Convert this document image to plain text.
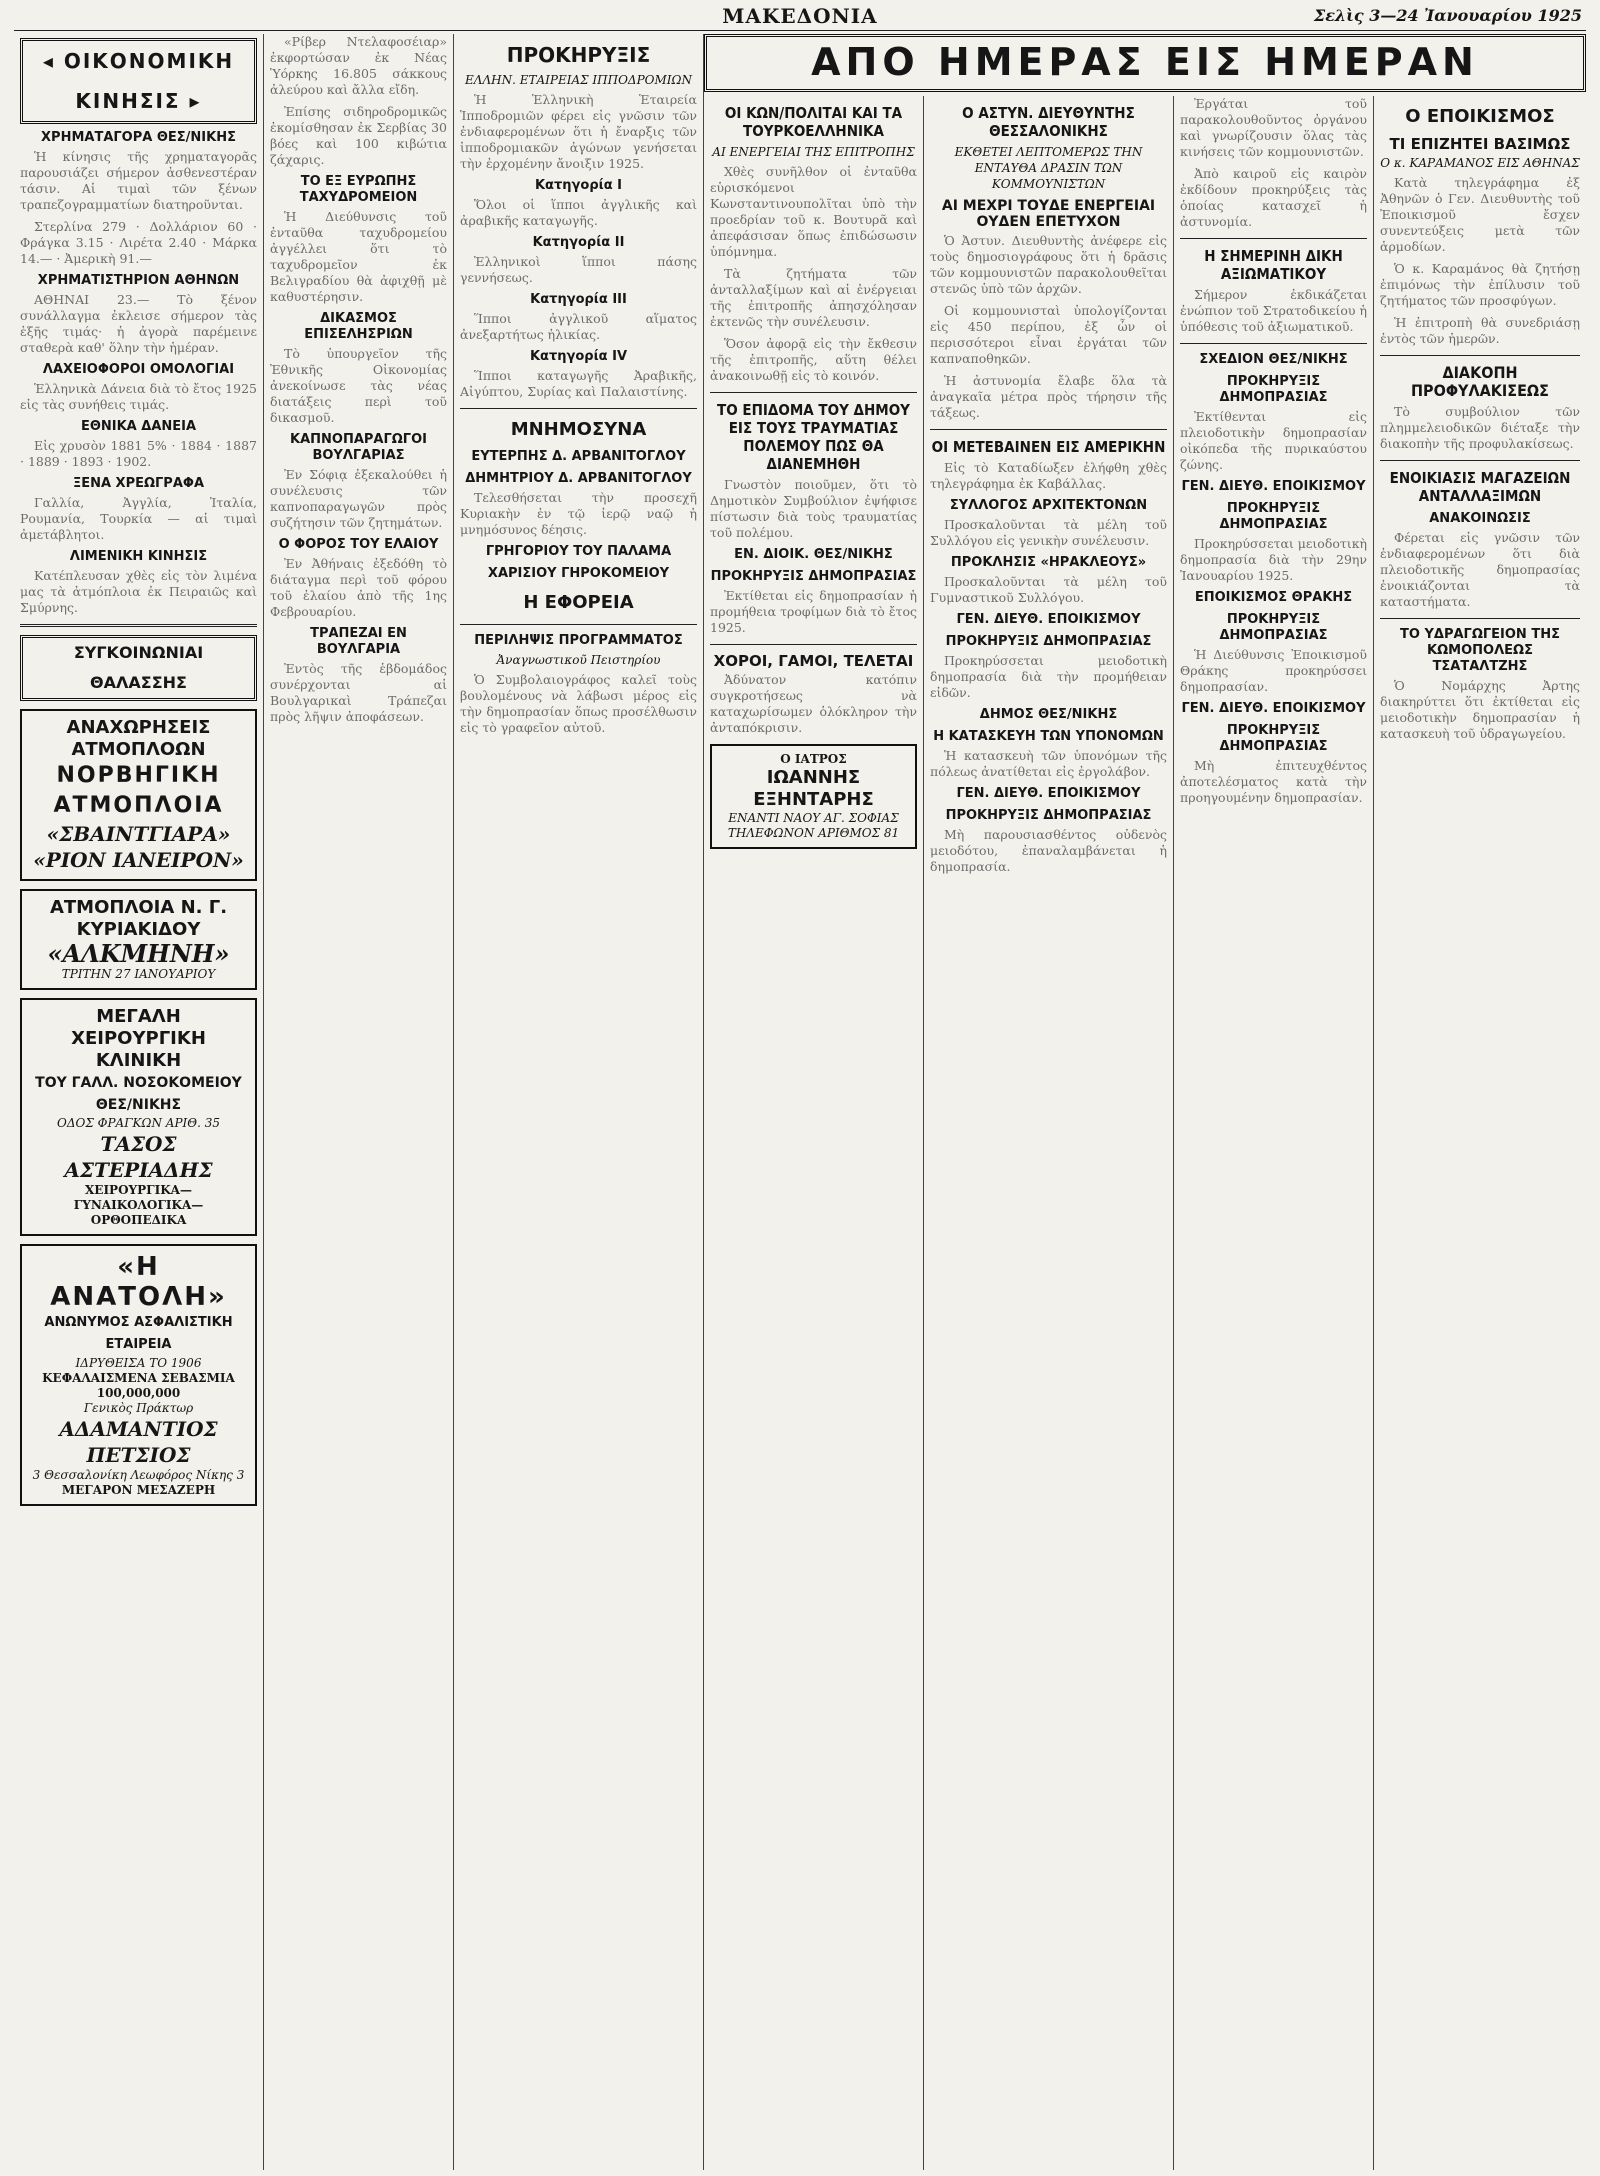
ΜΑΚΕΔΟΝΙΑ	Σελὶς 3—24 Ἰανουαρίου 1925
◂ ΟΙΚΟΝΟΜΙΚΗ ΚΙΝΗΣΙΣ ▸
ΧΡΗΜΑΤΑΓΟΡΑ ΘΕΣ/ΝΙΚΗΣ

Ἡ κίνησις τῆς χρηματαγορᾶς παρουσιάζει σήμερον ἀσθενεστέραν τάσιν. Αἱ τιμαὶ τῶν ξένων τραπεζογραμματίων διατηροῦνται.

Στερλίνα 279 · Δολλάριον 60 · Φράγκα 3.15 · Λιρέτα 2.40 · Μάρκα 14.— · Ἀμερικὴ 91.—

ΧΡΗΜΑΤΙΣΤΗΡΙΟΝ ΑΘΗΝΩΝ

ΑΘΗΝΑΙ 23.— Τὸ ξένον συνάλλαγμα ἐκλεισε σήμερον τὰς ἑξῆς τιμάς· ἡ ἀγορὰ παρέμεινε σταθερὰ καθ' ὅλην τὴν ἡμέραν.

ΛΑΧΕΙΟΦΟΡΟΙ ΟΜΟΛΟΓΙΑΙ

Ἑλληνικὰ Δάνεια διὰ τὸ ἔτος 1925 εἰς τὰς συνήθεις τιμάς.

ΕΘΝΙΚΑ ΔΑΝΕΙΑ

Εἰς χρυσὸν 1881 5% · 1884 · 1887 · 1889 · 1893 · 1902.

ΞΕΝΑ ΧΡΕΩΓΡΑΦΑ

Γαλλία, Ἀγγλία, Ἰταλία, Ρουμανία, Τουρκία — αἱ τιμαὶ ἀμετάβλητοι.

ΛΙΜΕΝΙΚΗ ΚΙΝΗΣΙΣ

Κατέπλευσαν χθὲς εἰς τὸν λιμένα μας τὰ ἀτμόπλοια ἐκ Πειραιῶς καὶ Σμύρνης.

ΣΥΓΚΟΙΝΩΝΙΑΙ ΘΑΛΑΣΣΗΣ
ΑΝΑΧΩΡΗΣΕΙΣ ΑΤΜΟΠΛΟΩΝ
ΝΟΡΒΗΓΙΚΗ ΑΤΜΟΠΛΟΙΑ
«ΣΒΑΙΝΤΓΙΑΡΑ»
«ΡΙΟΝ ΙΑΝΕΙΡΟΝ»
ΑΤΜΟΠΛΟΙΑ Ν. Γ. ΚΥΡΙΑΚΙΔΟΥ
«ΑΛΚΜΗΝΗ»
ΤΡΙΤΗΝ 27 ΙΑΝΟΥΑΡΙΟΥ
ΜΕΓΑΛΗ ΧΕΙΡΟΥΡΓΙΚΗ ΚΛΙΝΙΚΗ
ΤΟΥ ΓΑΛΛ. ΝΟΣΟΚΟΜΕΙΟΥ ΘΕΣ/ΝΙΚΗΣ
ΟΔΟΣ ΦΡΑΓΚΩΝ ΑΡΙΘ. 35
ΤΑΣΟΣ ΑΣΤΕΡΙΑΔΗΣ
ΧΕΙΡΟΥΡΓΙΚΑ—ΓΥΝΑΙΚΟΛΟΓΙΚΑ—ΟΡΘΟΠΕΔΙΚΑ
«Η ΑΝΑΤΟΛΗ»
ΑΝΩΝΥΜΟΣ ΑΣΦΑΛΙΣΤΙΚΗ ΕΤΑΙΡΕΙΑ
ΙΔΡΥΘΕΙΣΑ ΤΟ 1906
ΚΕΦΑΛΑΙΣΜΕΝΑ ΣΕΒΑΣΜΙΑ 100,000,000
Γενικὸς Πράκτωρ
ΑΔΑΜΑΝΤΙΟΣ ΠΕΤΣΙΟΣ
3 Θεσσαλονίκη Λεωφόρος Νίκης 3
ΜΕΓΑΡΟΝ ΜΕΣΑΖΕΡΗ

«Ρίβερ Ντελαφοσέιαρ» ἐκφορτώσαν ἐκ Νέας Ὑόρκης 16.805 σάκκους ἀλεύρου καὶ ἄλλα εἴδη.

Ἐπίσης σιδηροδρομικῶς ἐκομίσθησαν ἐκ Σερβίας 30 βόες καὶ 100 κιβώτια ζάχαρις.

ΤΟ ΕΞ ΕΥΡΩΠΗΣ ΤΑΧΥΔΡΟΜΕΙΟΝ

Ἡ Διεύθυνσις τοῦ ἐνταῦθα ταχυδρομείου ἀγγέλλει ὅτι τὸ ταχυδρομεῖον ἐκ Βελιγραδίου θὰ ἀφιχθῇ μὲ καθυστέρησιν.

ΔΙΚΑΣΜΟΣ ΕΠΙΣΕΛΗΣΡΙΩΝ

Τὸ ὑπουργεῖον τῆς Ἐθνικῆς Οἰκονομίας ἀνεκοίνωσε τὰς νέας διατάξεις περὶ τοῦ δικασμοῦ.

ΚΑΠΝΟΠΑΡΑΓΩΓΟΙ ΒΟΥΛΓΑΡΙΑΣ

Ἐν Σόφιᾳ ἐξεκαλούθει ἡ συνέλευσις τῶν καπνοπαραγωγῶν πρὸς συζήτησιν τῶν ζητημάτων.

Ο ΦΟΡΟΣ ΤΟΥ ΕΛΑΙΟΥ

Ἐν Ἀθήναις ἐξεδόθη τὸ διάταγμα περὶ τοῦ φόρου τοῦ ἐλαίου ἀπὸ τῆς 1ης Φεβρουαρίου.

ΤΡΑΠΕΖΑΙ ΕΝ ΒΟΥΛΓΑΡΙΑ

Ἐντὸς τῆς ἑβδομάδος συνέρχονται αἱ Βουλγαρικαὶ Τράπεζαι πρὸς λῆψιν ἀποφάσεων.

ΠΡΟΚΗΡΥΞΙΣ
ΕΛΛΗΝ. ΕΤΑΙΡΕΙΑΣ ΙΠΠΟΔΡΟΜΙΩΝ

Ἡ Ἑλληνικὴ Ἑταιρεία Ἱπποδρομιῶν φέρει εἰς γνῶσιν τῶν ἐνδιαφερομένων ὅτι ἡ ἔναρξις τῶν ἱπποδρομιακῶν ἀγώνων γενήσεται τὴν ἐρχομένην ἄνοιξιν 1925.

Κατηγορία I

Ὅλοι οἱ ἵπποι ἀγγλικῆς καὶ ἀραβικῆς καταγωγῆς.

Κατηγορία II

Ἑλληνικοὶ ἵπποι πάσης γεννήσεως.

Κατηγορία III

Ἵπποι ἀγγλικοῦ αἵματος ἀνεξαρτήτως ἡλικίας.

Κατηγορία IV

Ἵπποι καταγωγῆς Ἀραβικῆς, Αἰγύπτου, Συρίας καὶ Παλαιστίνης.

ΜΝΗΜΟΣΥΝΑ
ΕΥΤΕΡΠΗΣ Δ. ΑΡΒΑΝΙΤΟΓΛΟΥ
ΔΗΜΗΤΡΙΟΥ Δ. ΑΡΒΑΝΙΤΟΓΛΟΥ

Τελεσθήσεται τὴν προσεχῆ Κυριακὴν ἐν τῷ ἱερῷ ναῷ ἡ μνημόσυνος δέησις.

ΓΡΗΓΟΡΙΟΥ ΤΟΥ ΠΑΛΑΜΑ
ΧΑΡΙΣΙΟΥ ΓΗΡΟΚΟΜΕΙΟΥ
Η ΕΦΟΡΕΙΑ
ΠΕΡΙΛΗΨΙΣ ΠΡΟΓΡΑΜΜΑΤΟΣ
Ἀναγνωστικοῦ Πειστηρίου

Ὁ Συμβολαιογράφος καλεῖ τοὺς βουλομένους νὰ λάβωσι μέρος εἰς τὴν δημοπρασίαν ὅπως προσέλθωσιν εἰς τὸ γραφεῖον αὐτοῦ.

ΑΠΟ ΗΜΕΡΑΣ ΕΙΣ ΗΜΕΡΑΝ
ΟΙ ΚΩΝ/ΠΟΛΙΤΑΙ ΚΑΙ ΤΑ ΤΟΥΡΚΟΕΛΛΗΝΙΚΑ
ΑΙ ΕΝΕΡΓΕΙΑΙ ΤΗΣ ΕΠΙΤΡΟΠΗΣ

Χθὲς συνῆλθον οἱ ἐνταῦθα εὑρισκόμενοι Κωνσταντινουπολῖται ὑπὸ τὴν προεδρίαν τοῦ κ. Βουτυρᾶ καὶ ἀπεφάσισαν ὅπως ἐπιδώσωσιν ὑπόμνημα.

Τὰ ζητήματα τῶν ἀνταλλαξίμων καὶ αἱ ἐνέργειαι τῆς ἐπιτροπῆς ἀπησχόλησαν ἐκτενῶς τὴν συνέλευσιν.

Ὅσον ἀφορᾷ εἰς τὴν ἔκθεσιν τῆς ἐπιτροπῆς, αὕτη θέλει ἀνακοινωθῇ εἰς τὸ κοινόν.

ΤΟ ΕΠΙΔΟΜΑ ΤΟΥ ΔΗΜΟΥ ΕΙΣ ΤΟΥΣ ΤΡΑΥΜΑΤΙΑΣ ΠΟΛΕΜΟΥ ΠΩΣ ΘΑ ΔΙΑΝΕΜΗΘΗ

Γνωστὸν ποιοῦμεν, ὅτι τὸ Δημοτικὸν Συμβούλιον ἐψήφισε πίστωσιν διὰ τοὺς τραυματίας τοῦ πολέμου.

ΕΝ. ΔΙΟΙΚ. ΘΕΣ/ΝΙΚΗΣ
ΠΡΟΚΗΡΥΞΙΣ ΔΗΜΟΠΡΑΣΙΑΣ

Ἐκτίθεται εἰς δημοπρασίαν ἡ προμήθεια τροφίμων διὰ τὸ ἔτος 1925.

ΧΟΡΟΙ, ΓΑΜΟΙ, ΤΕΛΕΤΑΙ

Ἀδύνατον κατόπιν συγκροτήσεως νὰ καταχωρίσωμεν ὁλόκληρον τὴν ἀνταπόκρισιν.

Ο ΙΑΤΡΟΣ
ΙΩΑΝΝΗΣ ΕΞΗΝΤΑΡΗΣ
ΕΝΑΝΤΙ ΝΑΟΥ ΑΓ. ΣΟΦΙΑΣ
ΤΗΛΕΦΩΝΟΝ ΑΡΙΘΜΟΣ 81
Ο ΑΣΤΥΝ. ΔΙΕΥΘΥΝΤΗΣ ΘΕΣΣΑΛΟΝΙΚΗΣ
ΕΚΘΕΤΕΙ ΛΕΠΤΟΜΕΡΩΣ ΤΗΝ ΕΝΤΑΥΘΑ ΔΡΑΣΙΝ ΤΩΝ ΚΟΜΜΟΥΝΙΣΤΩΝ
ΑΙ ΜΕΧΡΙ ΤΟΥΔΕ ΕΝΕΡΓΕΙΑΙ ΟΥΔΕΝ ΕΠΕΤΥΧΟΝ

Ὁ Ἀστυν. Διευθυντὴς ἀνέφερε εἰς τοὺς δημοσιογράφους ὅτι ἡ δρᾶσις τῶν κομμουνιστῶν παρακολουθεῖται στενῶς ὑπὸ τῶν ἀρχῶν.

Οἱ κομμουνισταὶ ὑπολογίζονται εἰς 450 περίπου, ἐξ ὧν οἱ περισσότεροι εἶναι ἐργάται τῶν καπναποθηκῶν.

Ἡ ἀστυνομία ἔλαβε ὅλα τὰ ἀναγκαῖα μέτρα πρὸς τήρησιν τῆς τάξεως.

ΟΙ ΜΕΤΕΒΑΙΝΕΝ ΕΙΣ ΑΜΕΡΙΚΗΝ

Εἰς τὸ Καταδίωξεν ἐλήφθη χθὲς τηλεγράφημα ἐκ Καβάλλας.

ΣΥΛΛΟΓΟΣ ΑΡΧΙΤΕΚΤΟΝΩΝ

Προσκαλοῦνται τὰ μέλη τοῦ Συλλόγου εἰς γενικὴν συνέλευσιν.

ΠΡΟΚΛΗΣΙΣ «ΗΡΑΚΛΕΟΥΣ»

Προσκαλοῦνται τὰ μέλη τοῦ Γυμναστικοῦ Συλλόγου.

ΓΕΝ. ΔΙΕΥΘ. ΕΠΟΙΚΙΣΜΟΥ
ΠΡΟΚΗΡΥΞΙΣ ΔΗΜΟΠΡΑΣΙΑΣ

Προκηρύσσεται μειοδοτικὴ δημοπρασία διὰ τὴν προμήθειαν εἰδῶν.

ΔΗΜΟΣ ΘΕΣ/ΝΙΚΗΣ
Η ΚΑΤΑΣΚΕΥΗ ΤΩΝ ΥΠΟΝΟΜΩΝ

Ἡ κατασκευὴ τῶν ὑπονόμων τῆς πόλεως ἀνατίθεται εἰς ἐργολάβον.

ΓΕΝ. ΔΙΕΥΘ. ΕΠΟΙΚΙΣΜΟΥ
ΠΡΟΚΗΡΥΞΙΣ ΔΗΜΟΠΡΑΣΙΑΣ

Μὴ παρουσιασθέντος οὐδενὸς μειοδότου, ἐπαναλαμβάνεται ἡ δημοπρασία.

Ἐργάται τοῦ παρακολουθοῦντος ὀργάνου καὶ γνωρίζουσιν ὅλας τὰς κινήσεις τῶν κομμουνιστῶν.

Ἀπὸ καιροῦ εἰς καιρὸν ἐκδίδουν προκηρύξεις τὰς ὁποίας κατασχεῖ ἡ ἀστυνομία.

Η ΣΗΜΕΡΙΝΗ ΔΙΚΗ ΑΞΙΩΜΑΤΙΚΟΥ

Σήμερον ἐκδικάζεται ἐνώπιον τοῦ Στρατοδικείου ἡ ὑπόθεσις τοῦ ἀξιωματικοῦ.

ΣΧΕΔΙΟΝ ΘΕΣ/ΝΙΚΗΣ
ΠΡΟΚΗΡΥΞΙΣ ΔΗΜΟΠΡΑΣΙΑΣ

Ἐκτίθενται εἰς πλειοδοτικὴν δημοπρασίαν οἰκόπεδα τῆς πυρικαύστου ζώνης.

ΓΕΝ. ΔΙΕΥΘ. ΕΠΟΙΚΙΣΜΟΥ
ΠΡΟΚΗΡΥΞΙΣ ΔΗΜΟΠΡΑΣΙΑΣ

Προκηρύσσεται μειοδοτικὴ δημοπρασία διὰ τὴν 29ην Ἰανουαρίου 1925.

ΕΠΟΙΚΙΣΜΟΣ ΘΡΑΚΗΣ
ΠΡΟΚΗΡΥΞΙΣ ΔΗΜΟΠΡΑΣΙΑΣ

Ἡ Διεύθυνσις Ἐποικισμοῦ Θράκης προκηρύσσει δημοπρασίαν.

ΓΕΝ. ΔΙΕΥΘ. ΕΠΟΙΚΙΣΜΟΥ
ΠΡΟΚΗΡΥΞΙΣ ΔΗΜΟΠΡΑΣΙΑΣ

Μὴ ἐπιτευχθέντος ἀποτελέσματος κατὰ τὴν προηγουμένην δημοπρασίαν.

Ο ΕΠΟΙΚΙΣΜΟΣ
ΤΙ ΕΠΙΖΗΤΕΙ ΒΑΣΙΜΩΣ
Ο κ. ΚΑΡΑΜΑΝΟΣ ΕΙΣ ΑΘΗΝΑΣ

Κατὰ τηλεγράφημα ἐξ Ἀθηνῶν ὁ Γεν. Διευθυντὴς τοῦ Ἐποικισμοῦ ἔσχεν συνεντεύξεις μετὰ τῶν ἁρμοδίων.

Ὁ κ. Καραμάνος θὰ ζητήσῃ ἐπιμόνως τὴν ἐπίλυσιν τοῦ ζητήματος τῶν προσφύγων.

Ἡ ἐπιτροπὴ θὰ συνεδριάσῃ ἐντὸς τῶν ἡμερῶν.

ΔΙΑΚΟΠΗ ΠΡΟΦΥΛΑΚΙΣΕΩΣ

Τὸ συμβούλιον τῶν πλημμελειοδικῶν διέταξε τὴν διακοπὴν τῆς προφυλακίσεως.

ΕΝΟΙΚΙΑΣΙΣ ΜΑΓΑΖΕΙΩΝ ΑΝΤΑΛΛΑΞΙΜΩΝ
ΑΝΑΚΟΙΝΩΣΙΣ

Φέρεται εἰς γνῶσιν τῶν ἐνδιαφερομένων ὅτι διὰ πλειοδοτικῆς δημοπρασίας ἐνοικιάζονται τὰ καταστήματα.

ΤΟ ΥΔΡΑΓΩΓΕΙΟΝ ΤΗΣ ΚΩΜΟΠΟΛΕΩΣ ΤΣΑΤΑΛΤΖΗΣ

Ὁ Νομάρχης Ἀρτης διακηρύττει ὅτι ἐκτίθεται εἰς μειοδοτικὴν δημοπρασίαν ἡ κατασκευὴ τοῦ ὑδραγωγείου.
